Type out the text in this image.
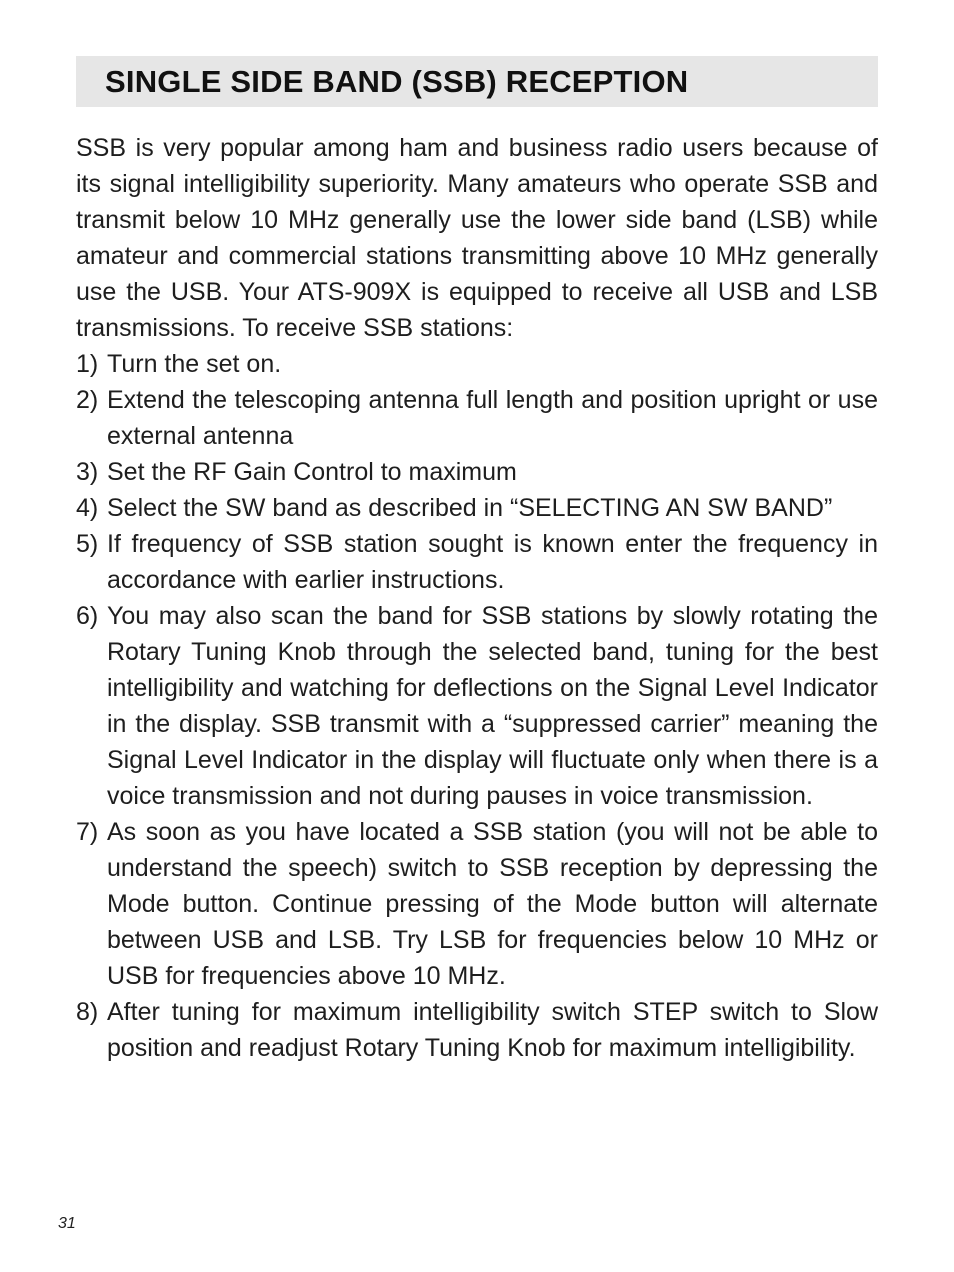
SINGLE SIDE BAND (SSB) RECEPTION

SSB is very popular among ham and business radio users because of its signal intelligibility superiority. Many amateurs who operate SSB and transmit below 10 MHz generally use the lower side band (LSB) while amateur and commercial stations transmitting above 10 MHz generally use the USB. Your ATS-909X is equipped to receive all USB and LSB transmissions. To receive SSB stations:

1) Turn the set on.
2) Extend the telescoping antenna full length and position upright or use external antenna
3) Set the RF Gain Control to maximum
4) Select the SW band as described in “SELECTING AN SW BAND”
5) If frequency of SSB station sought is known enter the frequency in accordance with earlier instructions.
6) You may also scan the band for SSB stations by slowly rotating the Rotary Tuning Knob through the selected band, tuning for the best intelligibility and watching for deflections on the Signal Level Indicator in the display. SSB transmit with a “suppressed carrier” meaning the Signal Level Indicator in the display will fluctuate only when there is a voice transmission and not during pauses in voice transmission.
7) As soon as you have located a SSB station (you will not be able to understand the speech) switch to SSB reception by depressing the Mode button. Continue pressing of the Mode button will alternate between USB and LSB. Try LSB for frequencies below 10 MHz or USB for frequencies above 10 MHz.
8) After tuning for maximum intelligibility switch STEP switch to Slow position and readjust Rotary Tuning Knob for maximum intelligibility.
31
